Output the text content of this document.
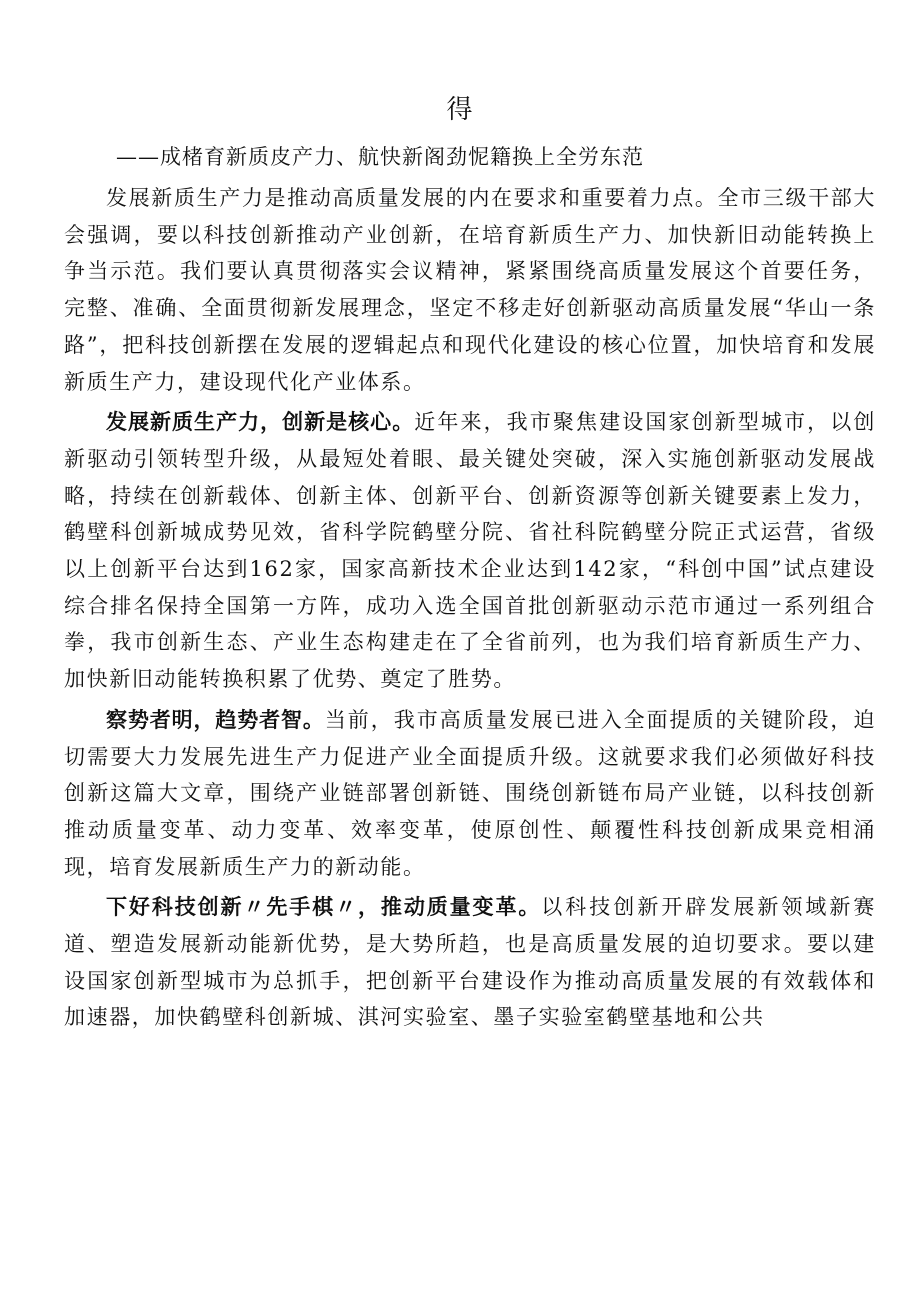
得
——成楮育新质皮产力、航快新阁劲怩籍换上全労东范

发展新质生产力是推动高质量发展的内在要求和重要着力点。全市三级干部大会强调，要以科技创新推动产业创新，在培育新质生产力、加快新旧动能转换上争当示范。我们要认真贯彻落实会议精神，紧紧围绕高质量发展这个首要任务，完整、准确、全面贯彻新发展理念，坚定不移走好创新驱动高质量发展“华山一条路”，把科技创新摆在发展的逻辑起点和现代化建设的核心位置，加快培育和发展新质生产力，建设现代化产业体系。

发展新质生产力，创新是核心。近年来，我市聚焦建设国家创新型城市，以创新驱动引领转型升级，从最短处着眼、最关键处突破，深入实施创新驱动发展战略，持续在创新载体、创新主体、创新平台、创新资源等创新关键要素上发力，鹤壁科创新城成势见效，省科学院鹤壁分院、省社科院鹤壁分院正式运营，省级以上创新平台达到162家，国家高新技术企业达到142家，“科创中国”试点建设综合排名保持全国第一方阵，成功入选全国首批创新驱动示范市通过一系列组合拳，我市创新生态、产业生态构建走在了全省前列，也为我们培育新质生产力、加快新旧动能转换积累了优势、奠定了胜势。

察势者明，趋势者智。当前，我市高质量发展已进入全面提质的关键阶段，迫切需要大力发展先进生产力促进产业全面提质升级。这就要求我们必须做好科技创新这篇大文章，围绕产业链部署创新链、围绕创新链布局产业链，以科技创新推动质量变革、动力变革、效率变革，使原创性、颠覆性科技创新成果竞相涌现，培育发展新质生产力的新动能。

下好科技创新〃先手棋〃，推动质量变革。以科技创新开辟发展新领域新赛道、塑造发展新动能新优势，是大势所趋，也是高质量发展的迫切要求。要以建设国家创新型城市为总抓手，把创新平台建设作为推动高质量发展的有效载体和加速器，加快鹤壁科创新城、淇河实验室、墨子实验室鹤壁基地和公共
